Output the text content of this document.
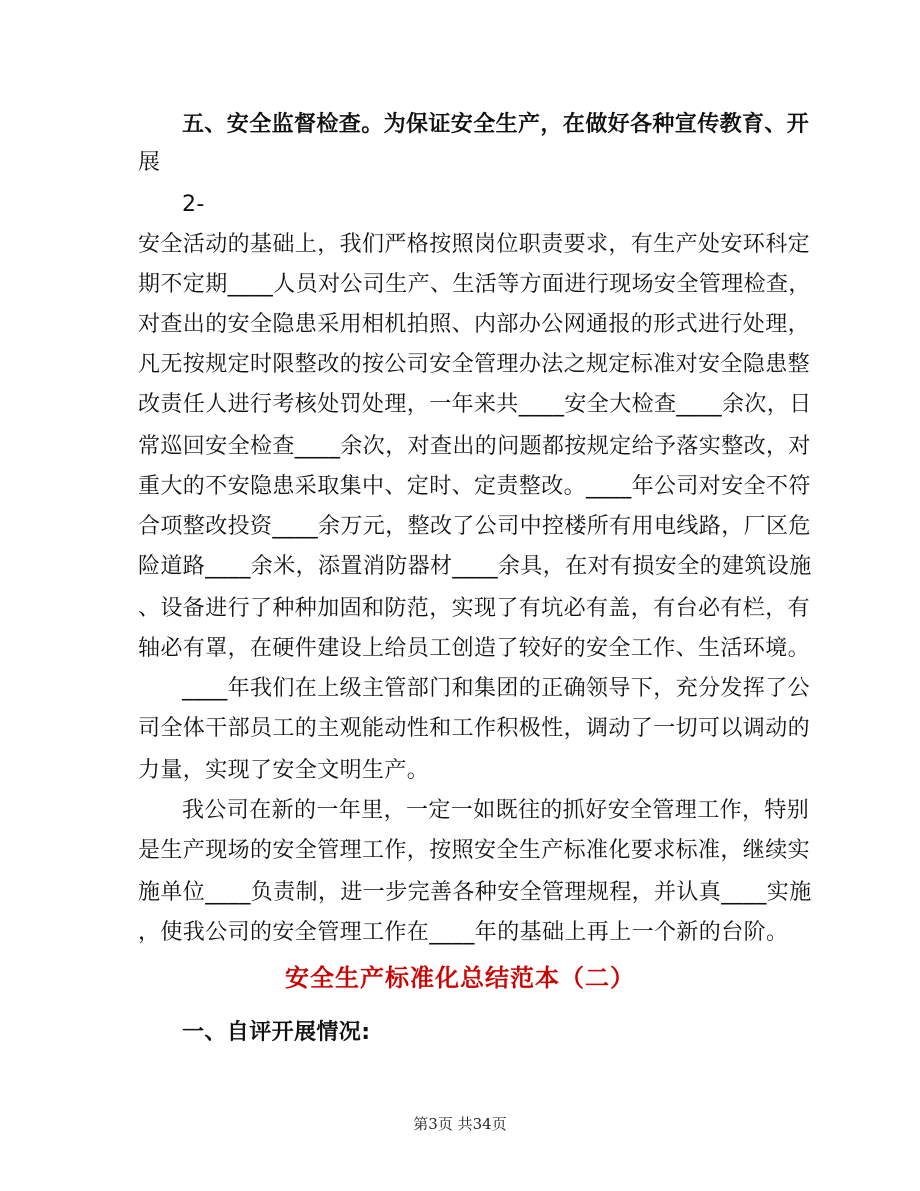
五、安全监督检查。为保证安全生产，在做好各种宣传教育、开
展
2-
安全活动的基础上，我们严格按照岗位职责要求，有生产处安环科定
期不定期____人员对公司生产、生活等方面进行现场安全管理检查，
对查出的安全隐患采用相机拍照、内部办公网通报的形式进行处理，
凡无按规定时限整改的按公司安全管理办法之规定标准对安全隐患整
改责任人进行考核处罚处理，一年来共____安全大检查____余次，日
常巡回安全检查____余次，对查出的问题都按规定给予落实整改，对
重大的不安隐患采取集中、定时、定责整改。____年公司对安全不符
合项整改投资____余万元，整改了公司中控楼所有用电线路，厂区危
险道路____余米，添置消防器材____余具，在对有损安全的建筑设施
、设备进行了种种加固和防范，实现了有坑必有盖，有台必有栏，有
轴必有罩，在硬件建设上给员工创造了较好的安全工作、生活环境。
____年我们在上级主管部门和集团的正确领导下，充分发挥了公
司全体干部员工的主观能动性和工作积极性，调动了一切可以调动的
力量，实现了安全文明生产。
我公司在新的一年里，一定一如既往的抓好安全管理工作，特别
是生产现场的安全管理工作，按照安全生产标准化要求标准，继续实
施单位____负责制，进一步完善各种安全管理规程，并认真____实施
，使我公司的安全管理工作在____年的基础上再上一个新的台阶。
安全生产标准化总结范本（二）
一、自评开展情况:
第3页 共34页
